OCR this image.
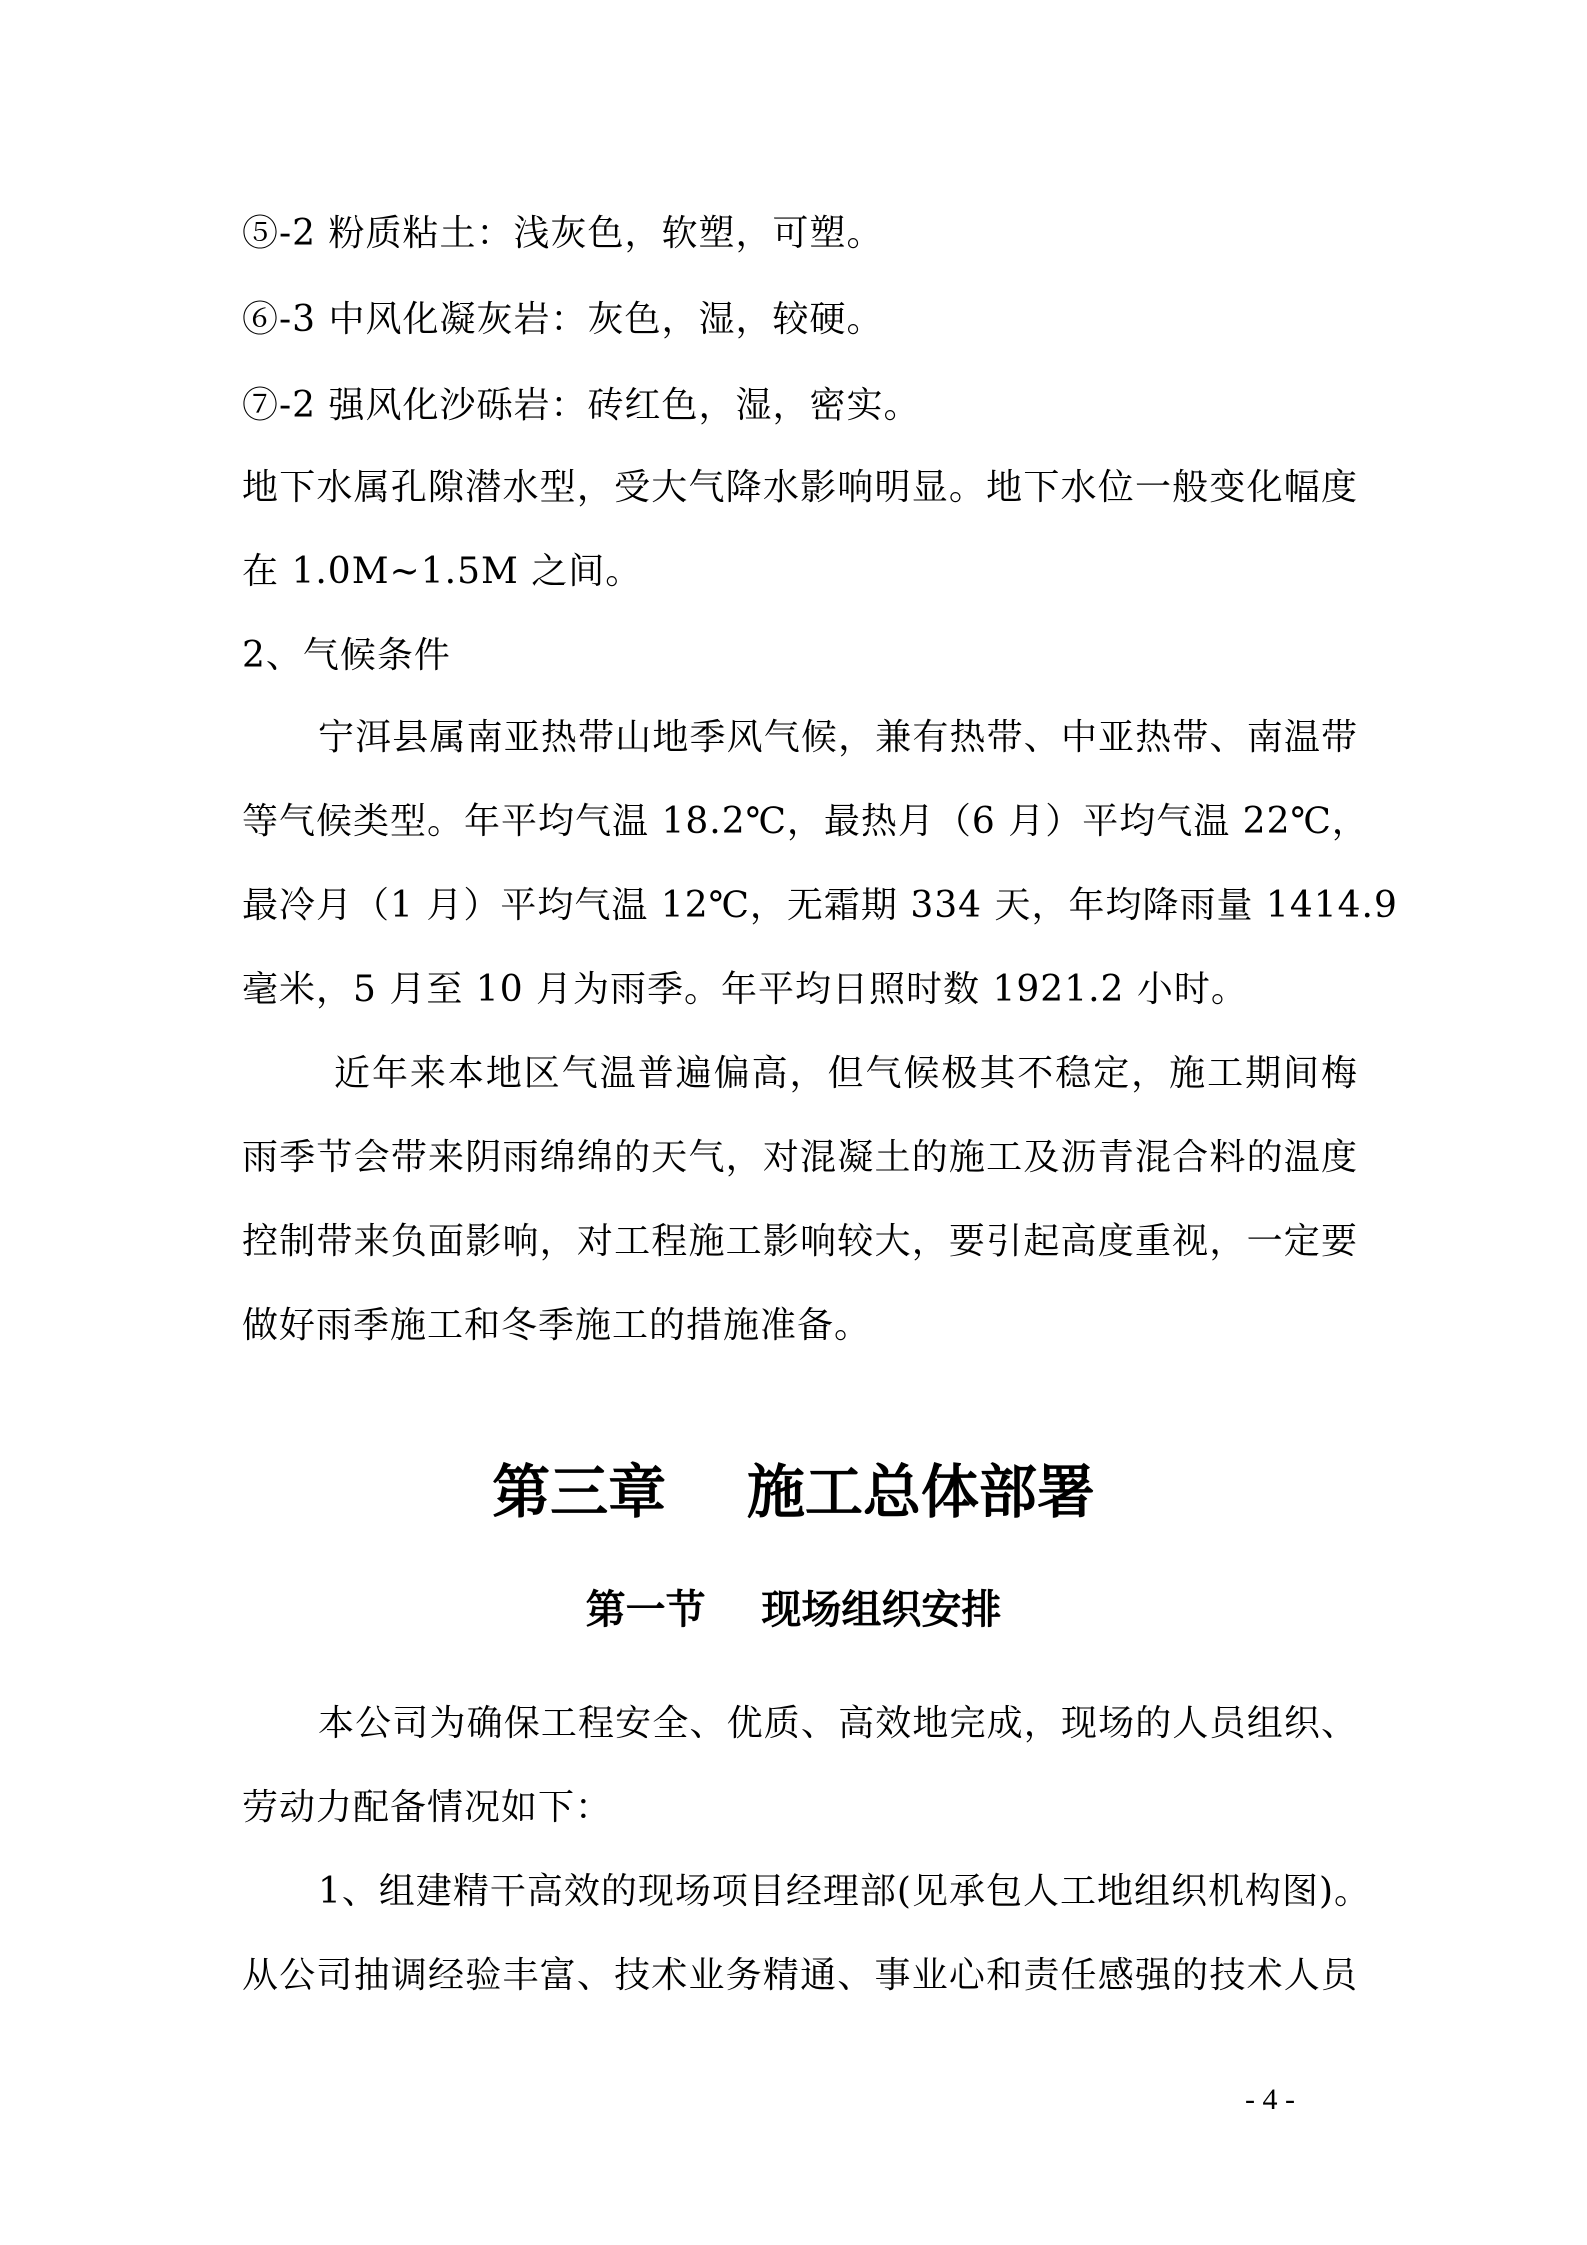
⑤-2 粉质粘土：浅灰色，软塑，可塑。
⑥-3 中风化凝灰岩：灰色，湿，较硬。
⑦-2 强风化沙砾岩：砖红色，湿，密实。
地下水属孔隙潜水型，受大气降水影响明显。地下水位一般变化幅度
在 1.0M~1.5M 之间。
2、气候条件
宁洱县属南亚热带山地季风气候，兼有热带、中亚热带、南温带
等气候类型。年平均气温 18.2℃，最热月（6 月）平均气温 22℃，
最冷月（1 月）平均气温 12℃，无霜期 334 天，年均降雨量 1414.9
毫米，5 月至 10 月为雨季。年平均日照时数 1921.2 小时。
近年来本地区气温普遍偏高，但气候极其不稳定，施工期间梅
雨季节会带来阴雨绵绵的天气，对混凝土的施工及沥青混合料的温度
控制带来负面影响，对工程施工影响较大，要引起高度重视，一定要
做好雨季施工和冬季施工的措施准备。
第三章    施工总体部署
第一节    现场组织安排
本公司为确保工程安全、优质、高效地完成，现场的人员组织、
劳动力配备情况如下：
1、组建精干高效的现场项目经理部(见承包人工地组织机构图)。
从公司抽调经验丰富、技术业务精通、事业心和责任感强的技术人员
- 4 -
